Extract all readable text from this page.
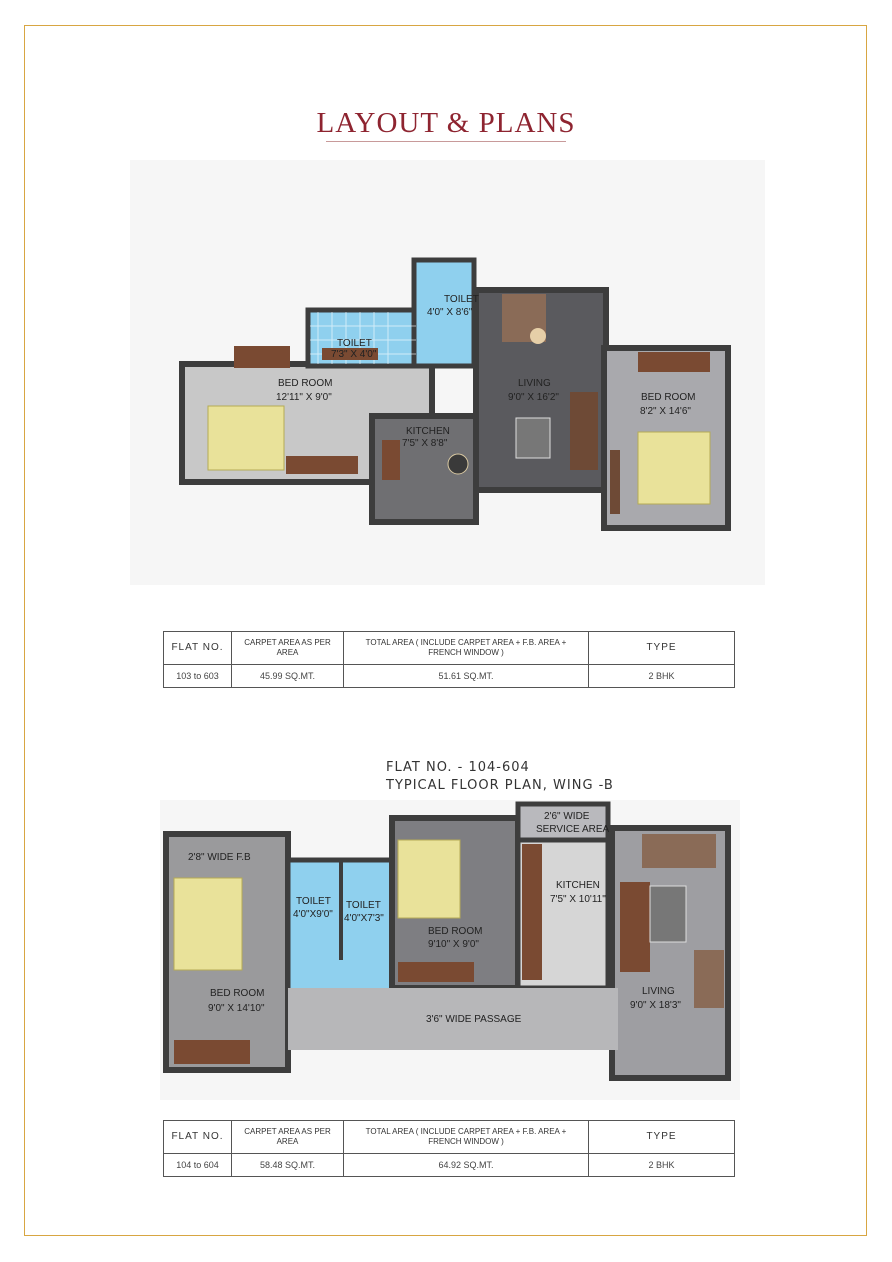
LAYOUT & PLANS
TOILET
4'0" X 8'6"
TOILET
7'3" X 4'0"
BED ROOM
12'11" X 9'0"
LIVING
9'0" X 16'2"
KITCHEN
7'5" X 8'8"
BED ROOM
8'2" X 14'6"
FLAT NO.	CARPET AREA AS PER AREA	TOTAL AREA ( INCLUDE CARPET AREA + F.B. AREA + FRENCH WINDOW )	TYPE
103 to 603	45.99 SQ.MT.	51.61 SQ.MT.	2 BHK
FLAT NO. - 104-604
TYPICAL FLOOR PLAN, WING -B
2'8" WIDE F.B
TOILET
4'0"X9'0"
TOILET
4'0"X7'3"
2'6" WIDE
SERVICE AREA
KITCHEN
7'5" X 10'11"
BED ROOM
9'10" X 9'0"
BED ROOM
9'0" X 14'10"
3'6" WIDE PASSAGE
LIVING
9'0" X 18'3"
FLAT NO.	CARPET AREA AS PER AREA	TOTAL AREA ( INCLUDE CARPET AREA + F.B. AREA + FRENCH WINDOW )	TYPE
104 to 604	58.48 SQ.MT.	64.92 SQ.MT.	2 BHK
